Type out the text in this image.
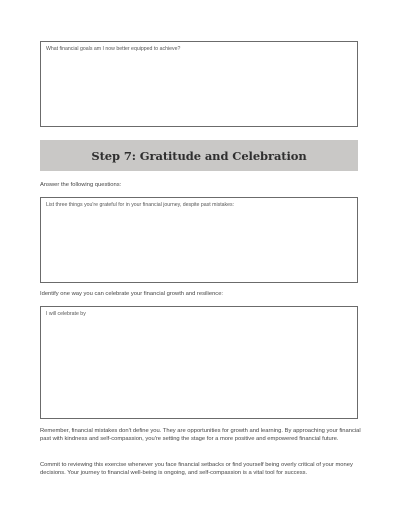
What financial goals am I now better equipped to achieve?
Step 7: Gratitude and Celebration
Answer the following questions:
List three things you're grateful for in your financial journey, despite past mistakes:
Identify one way you can celebrate your financial growth and resilience:
I will celebrate by

Remember, financial mistakes don't define you. They are opportunities for growth and learning. By approaching your financial past with kindness and self-compassion, you're setting the stage for a more positive and empowered financial future.

Commit to reviewing this exercise whenever you face financial setbacks or find yourself being overly critical of your money decisions. Your journey to financial well-being is ongoing, and self-compassion is a vital tool for success.
